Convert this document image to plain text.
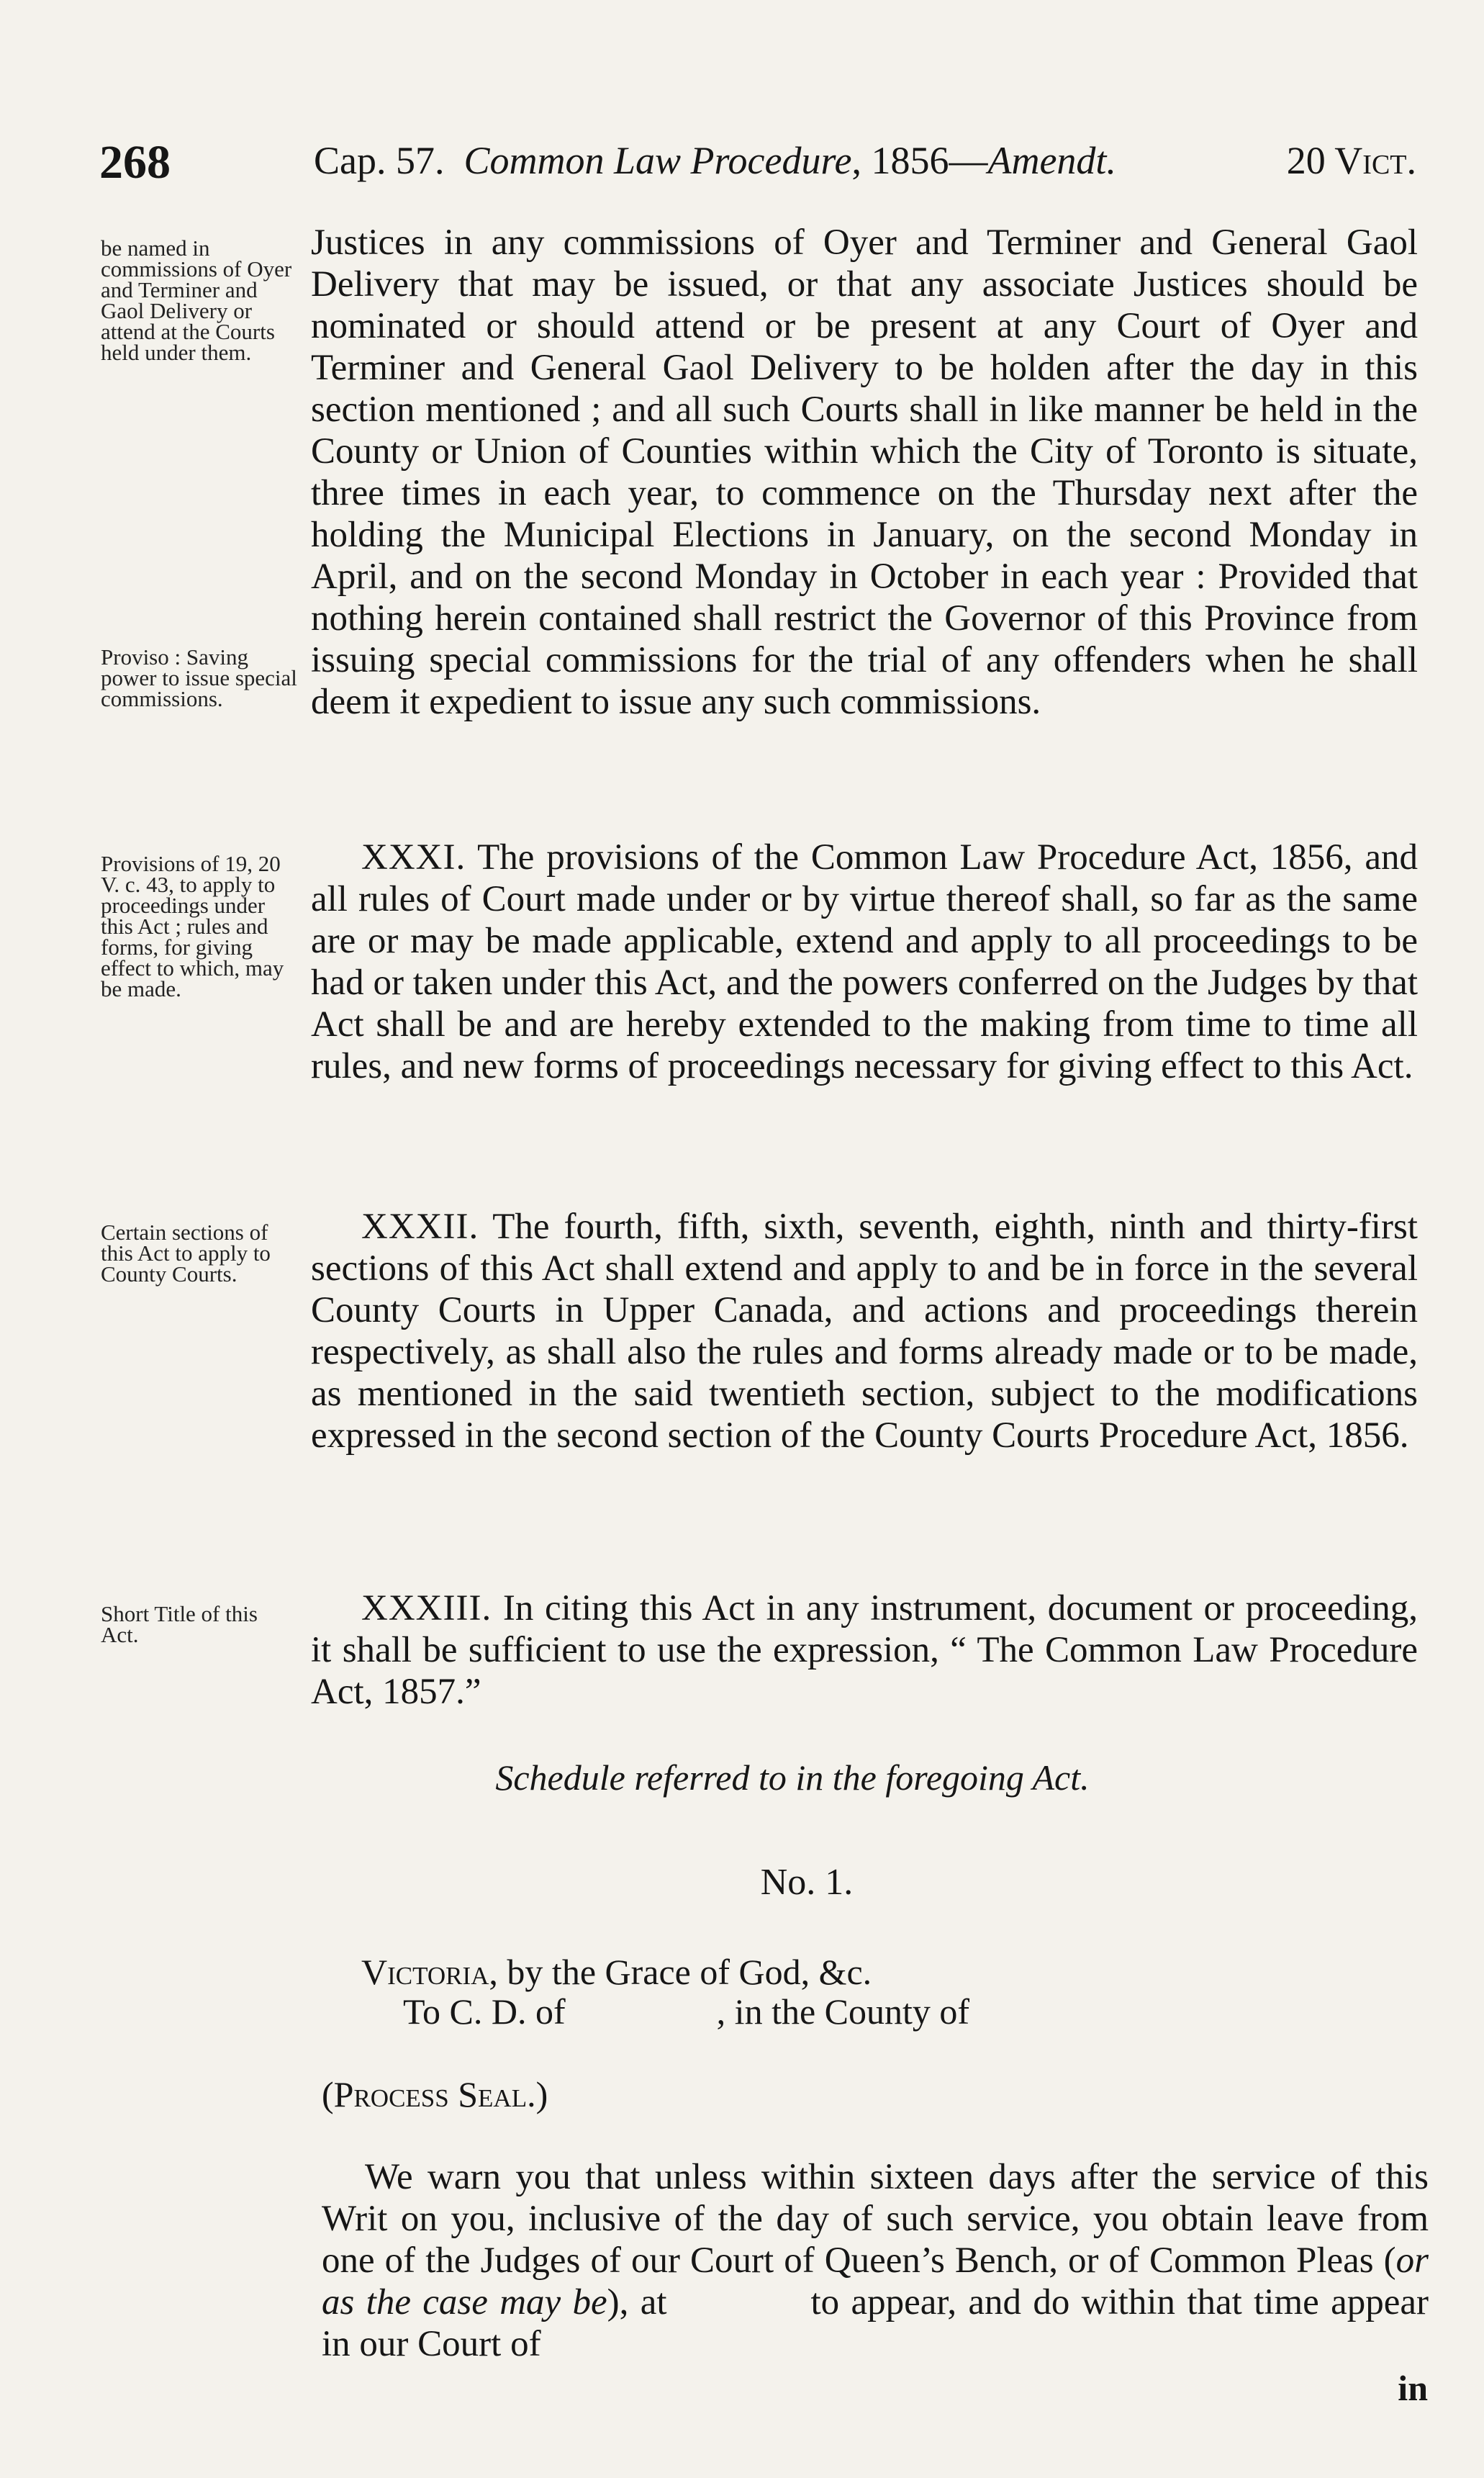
268	Cap. 57. Common Law Procedure, 1856—Amendt.	20 Vict.
be named in commissions of Oyer and Terminer and Gaol Delivery or attend at the Courts held under them.
Proviso : Saving power to issue special commissions.
Justices in any commissions of Oyer and Terminer and General Gaol Delivery that may be issued, or that any associate Justices should be nominated or should attend or be present at any Court of Oyer and Terminer and General Gaol Delivery to be holden after the day in this section mentioned ; and all such Courts shall in like manner be held in the County or Union of Counties within which the City of Toronto is situate, three times in each year, to commence on the Thursday next after the holding the Municipal Elections in January, on the second Monday in April, and on the second Monday in October in each year : Provided that nothing herein contained shall restrict the Governor of this Province from issuing special commissions for the trial of any offenders when he shall deem it expedient to issue any such commissions.
Provisions of 19, 20 V. c. 43, to apply to proceedings under this Act ; rules and forms, for giving effect to which, may be made.
XXXI. The provisions of the Common Law Procedure Act, 1856, and all rules of Court made under or by virtue thereof shall, so far as the same are or may be made applicable, extend and apply to all proceedings to be had or taken under this Act, and the powers conferred on the Judges by that Act shall be and are hereby extended to the making from time to time all rules, and new forms of proceedings necessary for giving effect to this Act.
Certain sections of this Act to apply to County Courts.
XXXII. The fourth, fifth, sixth, seventh, eighth, ninth and thirty-first sections of this Act shall extend and apply to and be in force in the several County Courts in Upper Canada, and actions and proceedings therein respectively, as shall also the rules and forms already made or to be made, as mentioned in the said twentieth section, subject to the modifications expressed in the second section of the County Courts Procedure Act, 1856.
Short Title of this Act.
XXXIII. In citing this Act in any instrument, document or proceeding, it shall be sufficient to use the expression, “ The Common Law Procedure Act, 1857.”
Schedule referred to in the foregoing Act.
No. 1.
Victoria, by the Grace of God, &c.
To C. D. of	, in the County of
(Process Seal.)
We warn you that unless within sixteen days after the service of this Writ on you, inclusive of the day of such service, you obtain leave from one of the Judges of our Court of Queen’s Bench, or of Common Pleas (or as the case may be), at	to appear, and do within that time appear in our Court of
in
